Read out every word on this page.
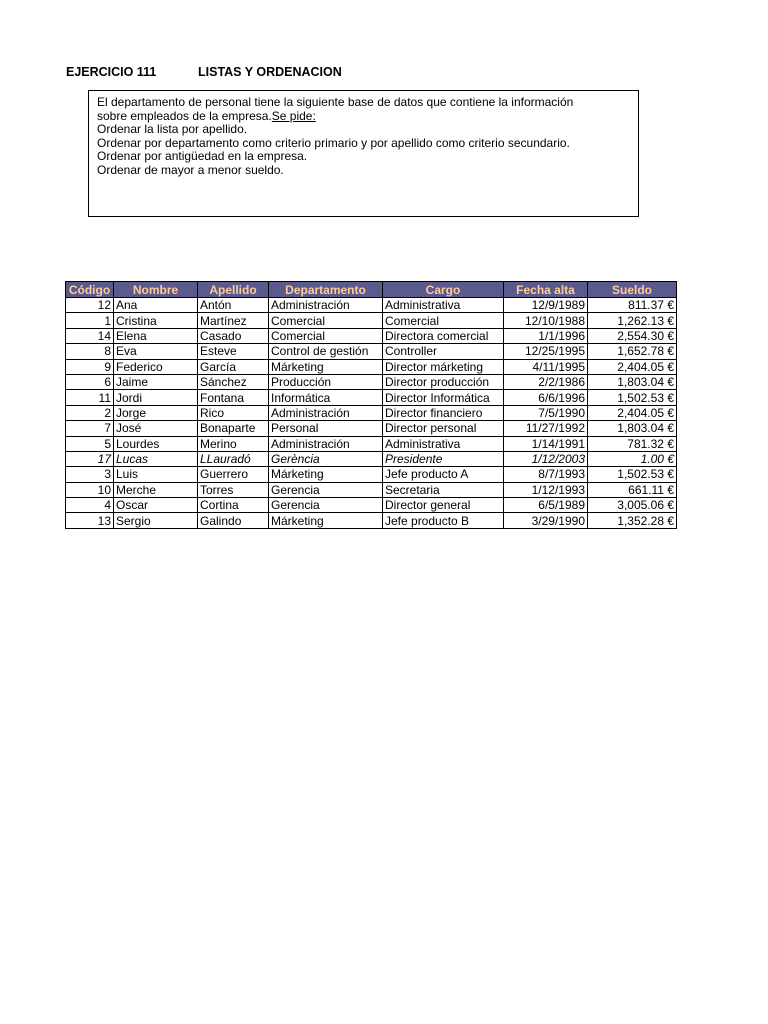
EJERCICIO 111	LISTAS Y ORDENACION
El departamento de personal tiene la siguiente base de datos que contiene la información
sobre empleados de la empresa.Se pide:
Ordenar la lista por apellido.
Ordenar por departamento como criterio primario y por apellido como criterio secundario.
Ordenar por antigüedad en la empresa.
Ordenar de mayor a menor sueldo.
Código	Nombre	Apellido	Departamento	Cargo	Fecha alta	Sueldo
12	Ana	Antón	Administración	Administrativa	12/9/1989	811.37 €
1	Cristina	Martínez	Comercial	Comercial	12/10/1988	1,262.13 €
14	Elena	Casado	Comercial	Directora comercial	1/1/1996	2,554.30 €
8	Eva	Esteve	Control de gestión	Controller	12/25/1995	1,652.78 €
9	Federico	García	Márketing	Director márketing	4/11/1995	2,404.05 €
6	Jaime	Sánchez	Producción	Director producción	2/2/1986	1,803.04 €
11	Jordi	Fontana	Informática	Director Informática	6/6/1996	1,502.53 €
2	Jorge	Rico	Administración	Director financiero	7/5/1990	2,404.05 €
7	José	Bonaparte	Personal	Director personal	11/27/1992	1,803.04 €
5	Lourdes	Merino	Administración	Administrativa	1/14/1991	781.32 €
17	Lucas	LLauradó	Gerència	Presidente	1/12/2003	1.00 €
3	Luis	Guerrero	Márketing	Jefe producto A	8/7/1993	1,502.53 €
10	Merche	Torres	Gerencia	Secretaria	1/12/1993	661.11 €
4	Oscar	Cortina	Gerencia	Director general	6/5/1989	3,005.06 €
13	Sergio	Galindo	Márketing	Jefe producto B	3/29/1990	1,352.28 €
